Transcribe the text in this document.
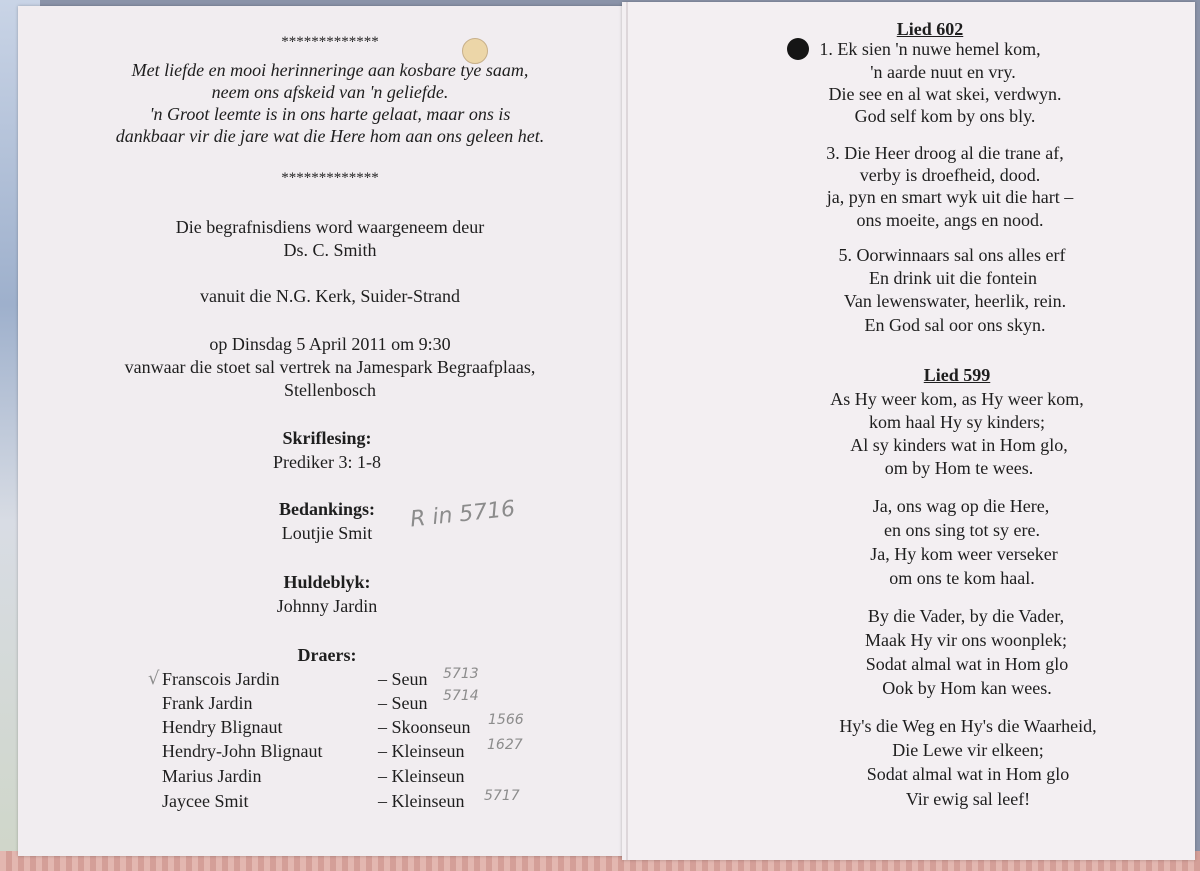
*************
Met liefde en mooi herinneringe aan kosbare tye saam,
neem ons afskeid van 'n geliefde.
'n Groot leemte is in ons harte gelaat, maar ons is
dankbaar vir die jare wat die Here hom aan ons geleen het.
*************
Die begrafnisdiens word waargeneem deur
Ds. C. Smith
vanuit die N.G. Kerk, Suider-Strand
op Dinsdag 5 April 2011 om 9:30
vanwaar die stoet sal vertrek na Jamespark Begraafplaas,
Stellenbosch
Skriflesing:
Prediker 3: 1-8
Bedankings:
Loutjie Smit
R in 5716
Huldeblyk:
Johnny Jardin
Draers:
√ Franscois Jardin	– Seun 5713
Frank Jardin	– Seun 5714
Hendry Blignaut	– Skoonseun 1566
Hendry-John Blignaut	– Kleinseun 1627
Marius Jardin	– Kleinseun
Jaycee Smit	– Kleinseun 5717
Lied 602
1. Ek sien 'n nuwe hemel kom,
'n aarde nuut en vry.
Die see en al wat skei, verdwyn.
God self kom by ons bly.
3. Die Heer droog al die trane af,
verby is droefheid, dood.
ja, pyn en smart wyk uit die hart –
ons moeite, angs en nood.
5. Oorwinnaars sal ons alles erf
En drink uit die fontein
Van lewenswater, heerlik, rein.
En God sal oor ons skyn.
Lied 599
As Hy weer kom, as Hy weer kom,
kom haal Hy sy kinders;
Al sy kinders wat in Hom glo,
om by Hom te wees.
Ja, ons wag op die Here,
en ons sing tot sy ere.
Ja, Hy kom weer verseker
om ons te kom haal.
By die Vader, by die Vader,
Maak Hy vir ons woonplek;
Sodat almal wat in Hom glo
Ook by Hom kan wees.
Hy's die Weg en Hy's die Waarheid,
Die Lewe vir elkeen;
Sodat almal wat in Hom glo
Vir ewig sal leef!
